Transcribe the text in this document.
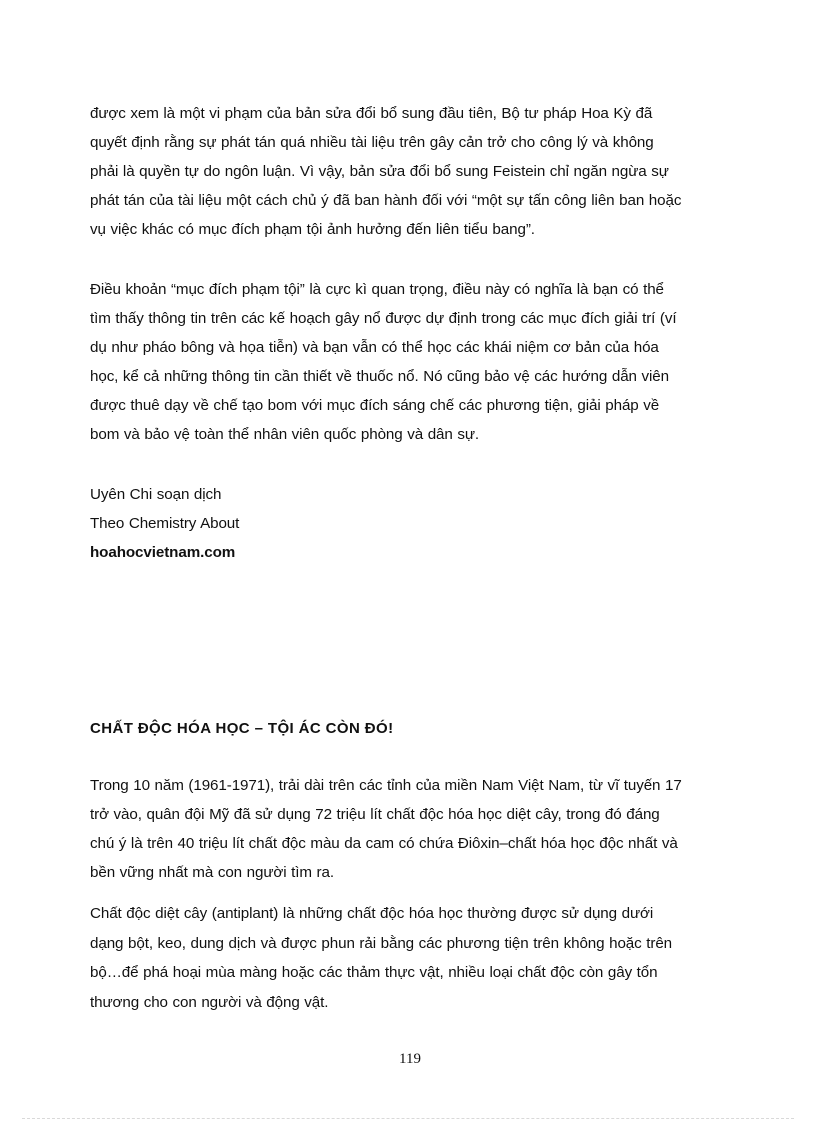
được xem là một vi phạm của bản sửa đổi bổ sung đầu tiên, Bộ tư pháp Hoa Kỳ đã
quyết định rằng sự phát tán quá nhiều tài liệu trên gây cản trở cho công lý và không
phải là quyền tự do ngôn luận. Vì vậy, bản sửa đổi bổ sung Feistein chỉ ngăn ngừa sự
phát tán của tài liệu một cách chủ ý đã ban hành đối với “một sự tấn công liên ban hoặc
vụ việc khác có mục đích phạm tội ảnh hưởng đến liên tiểu bang”.

Điều khoản “mục đích phạm tội” là cực kì quan trọng, điều này có nghĩa là bạn có thể
tìm thấy thông tin trên các kế hoạch gây nổ được dự định trong các mục đích giải trí (ví
dụ như pháo bông và họa tiễn) và bạn vẫn có thể học các khái niệm cơ bản của hóa
học, kể cả những thông tin cần thiết về thuốc nổ. Nó cũng bảo vệ các hướng dẫn viên
được thuê dạy về chế tạo bom với mục đích sáng chế các phương tiện, giải pháp về
bom và bảo vệ toàn thể nhân viên quốc phòng và dân sự.

Uyên Chi soạn dịch
Theo Chemistry About
hoahocvietnam.com

CHẤT ĐỘC HÓA HỌC – TỘI ÁC CÒN ĐÓ!

Trong 10 năm (1961-1971), trải dài trên các tỉnh của miền Nam Việt Nam, từ vĩ tuyến 17
trở vào, quân đội Mỹ đã sử dụng 72 triệu lít chất độc hóa học diệt cây, trong đó đáng
chú ý là trên 40 triệu lít chất độc màu da cam có chứa Điôxin–chất hóa học độc nhất và
bền vững nhất mà con người tìm ra.

Chất độc diệt cây (antiplant) là những chất độc hóa học thường được sử dụng dưới
dạng bột, keo, dung dịch và được phun rải bằng các phương tiện trên không hoặc trên
bộ…để phá hoại mùa màng hoặc các thảm thực vật, nhiều loại chất độc còn gây tổn
thương cho con người và động vật.

119
